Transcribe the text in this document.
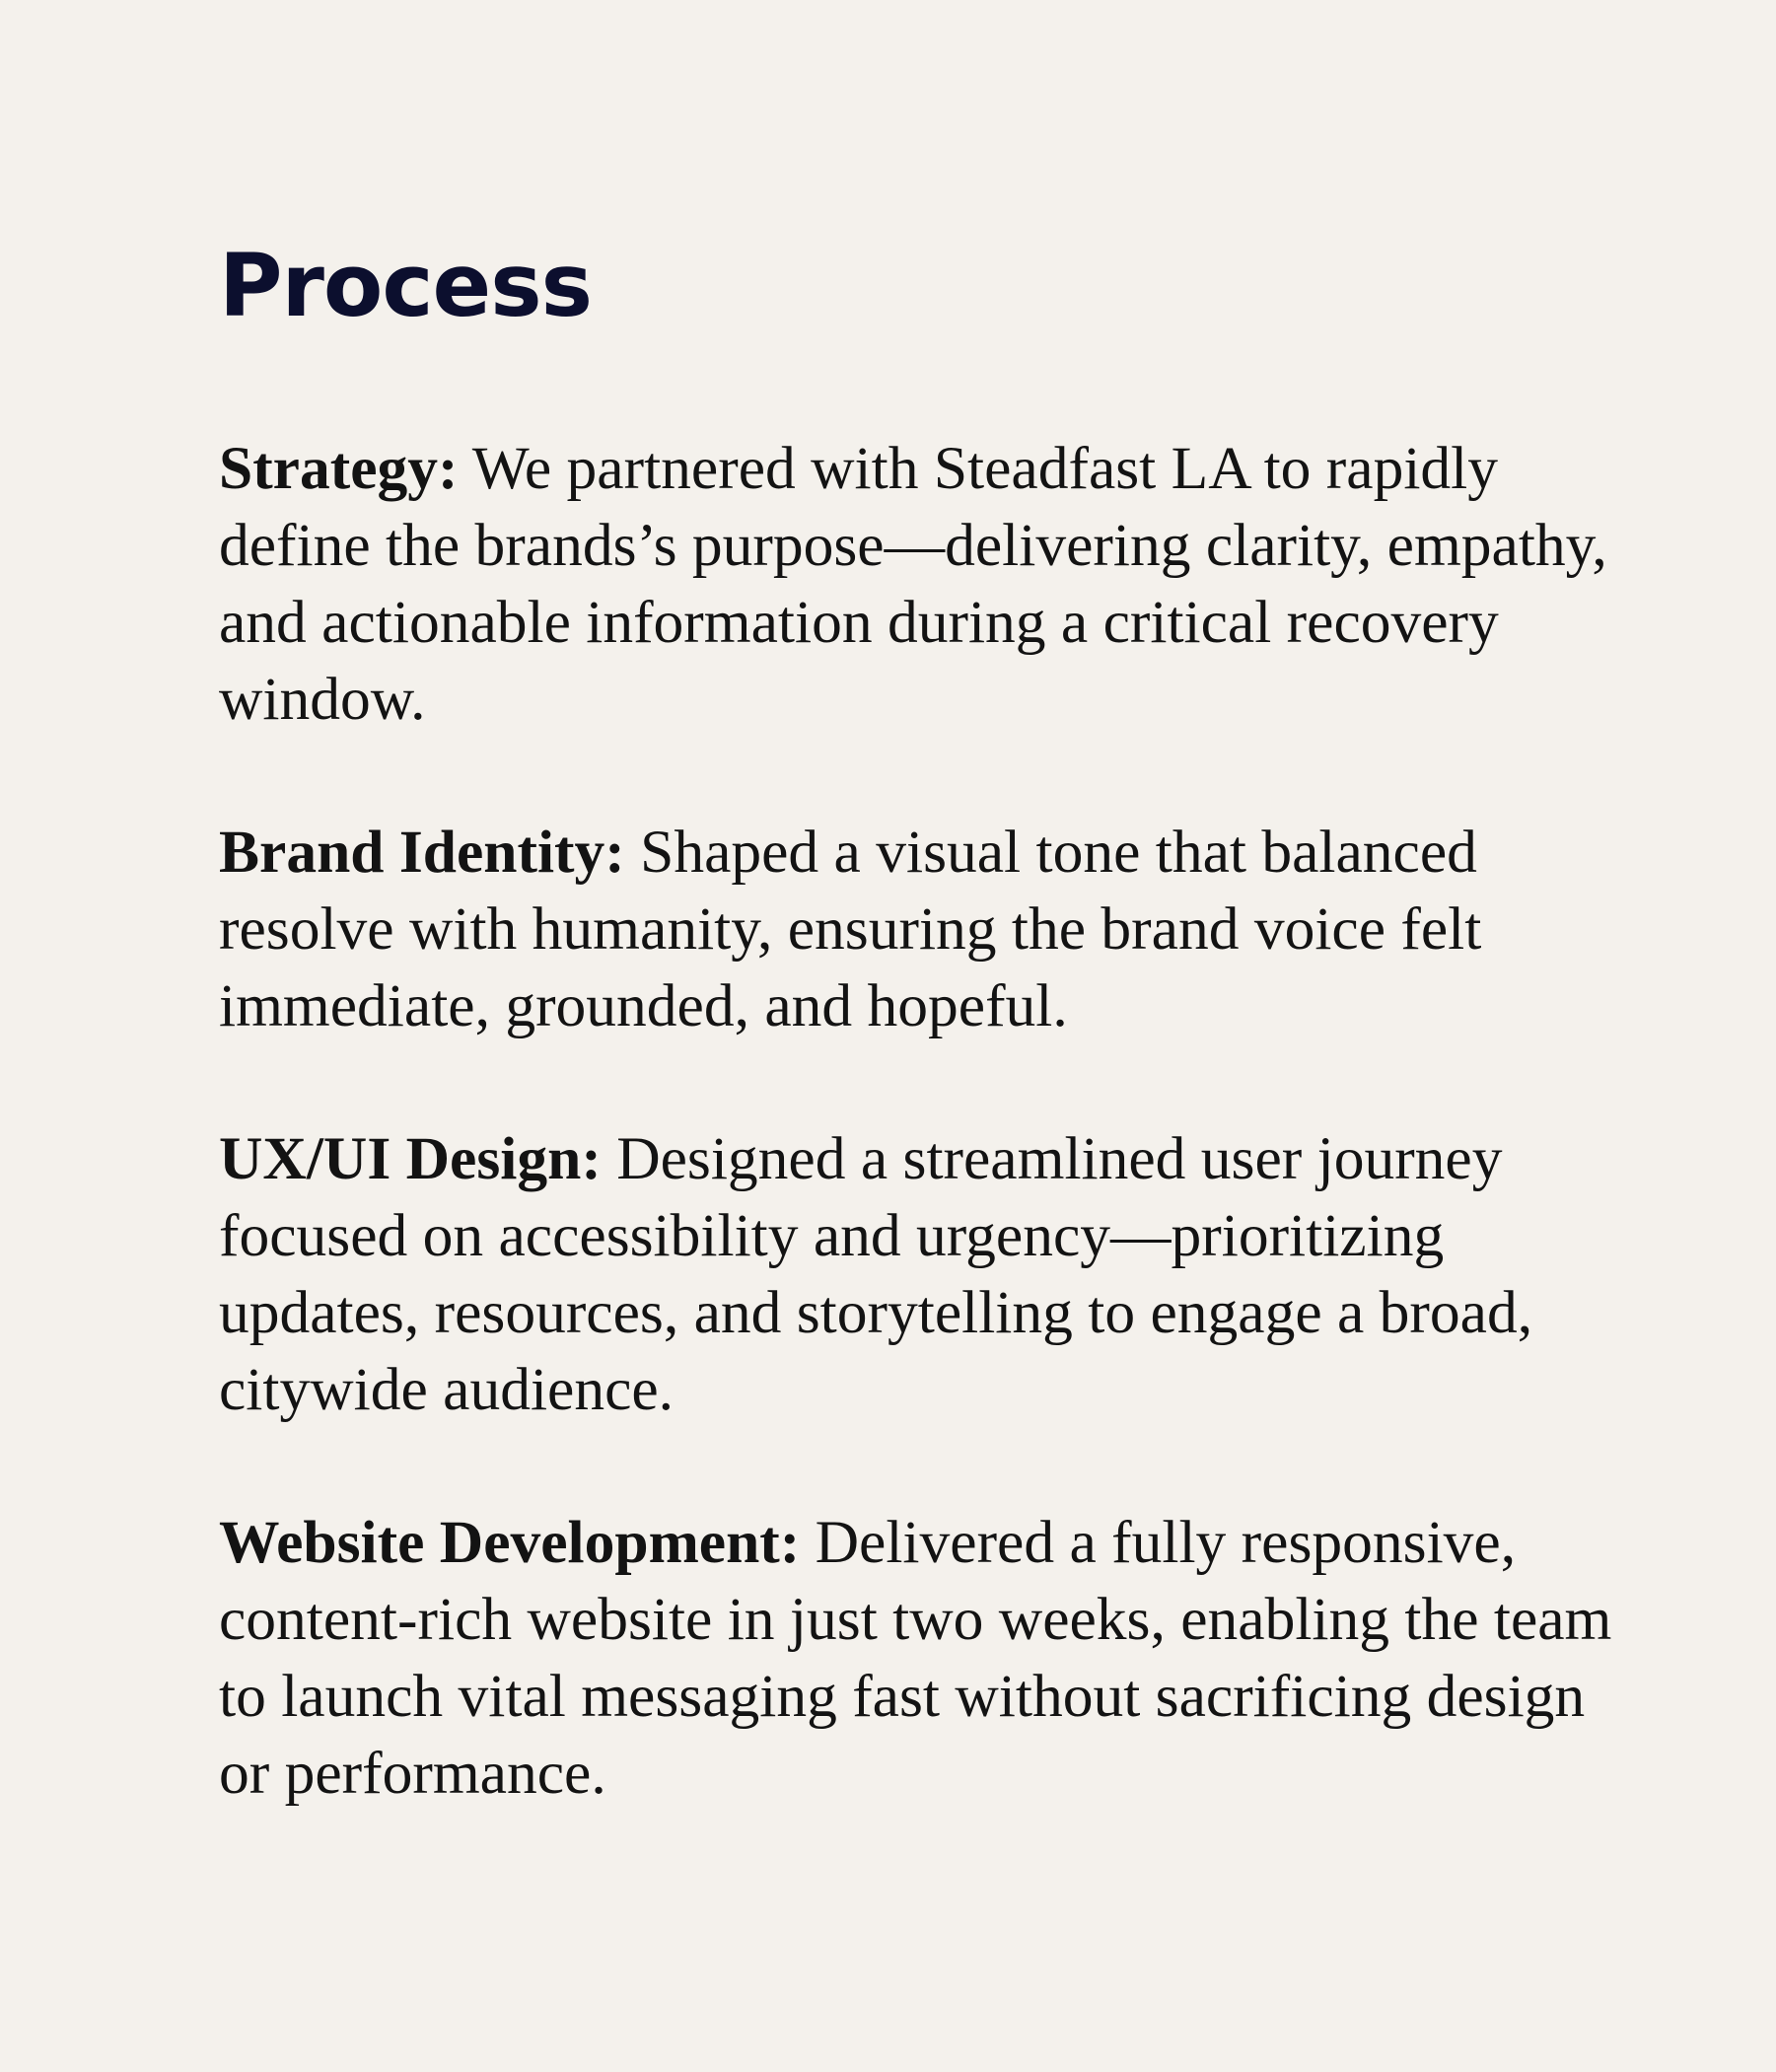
Process

Strategy: We partnered with Steadfast LA to rapidly define the brands’s purpose—delivering clarity, empathy, and actionable information during a critical recovery window.

Brand Identity: Shaped a visual tone that balanced resolve with humanity, ensuring the brand voice felt immediate, grounded, and hopeful.

UX/UI Design: Designed a streamlined user journey focused on accessibility and urgency—prioritizing updates, resources, and storytelling to engage a broad, citywide audience.

Website Development: Delivered a fully responsive, content-rich website in just two weeks, enabling the team to launch vital messaging fast without sacrificing design or performance.
